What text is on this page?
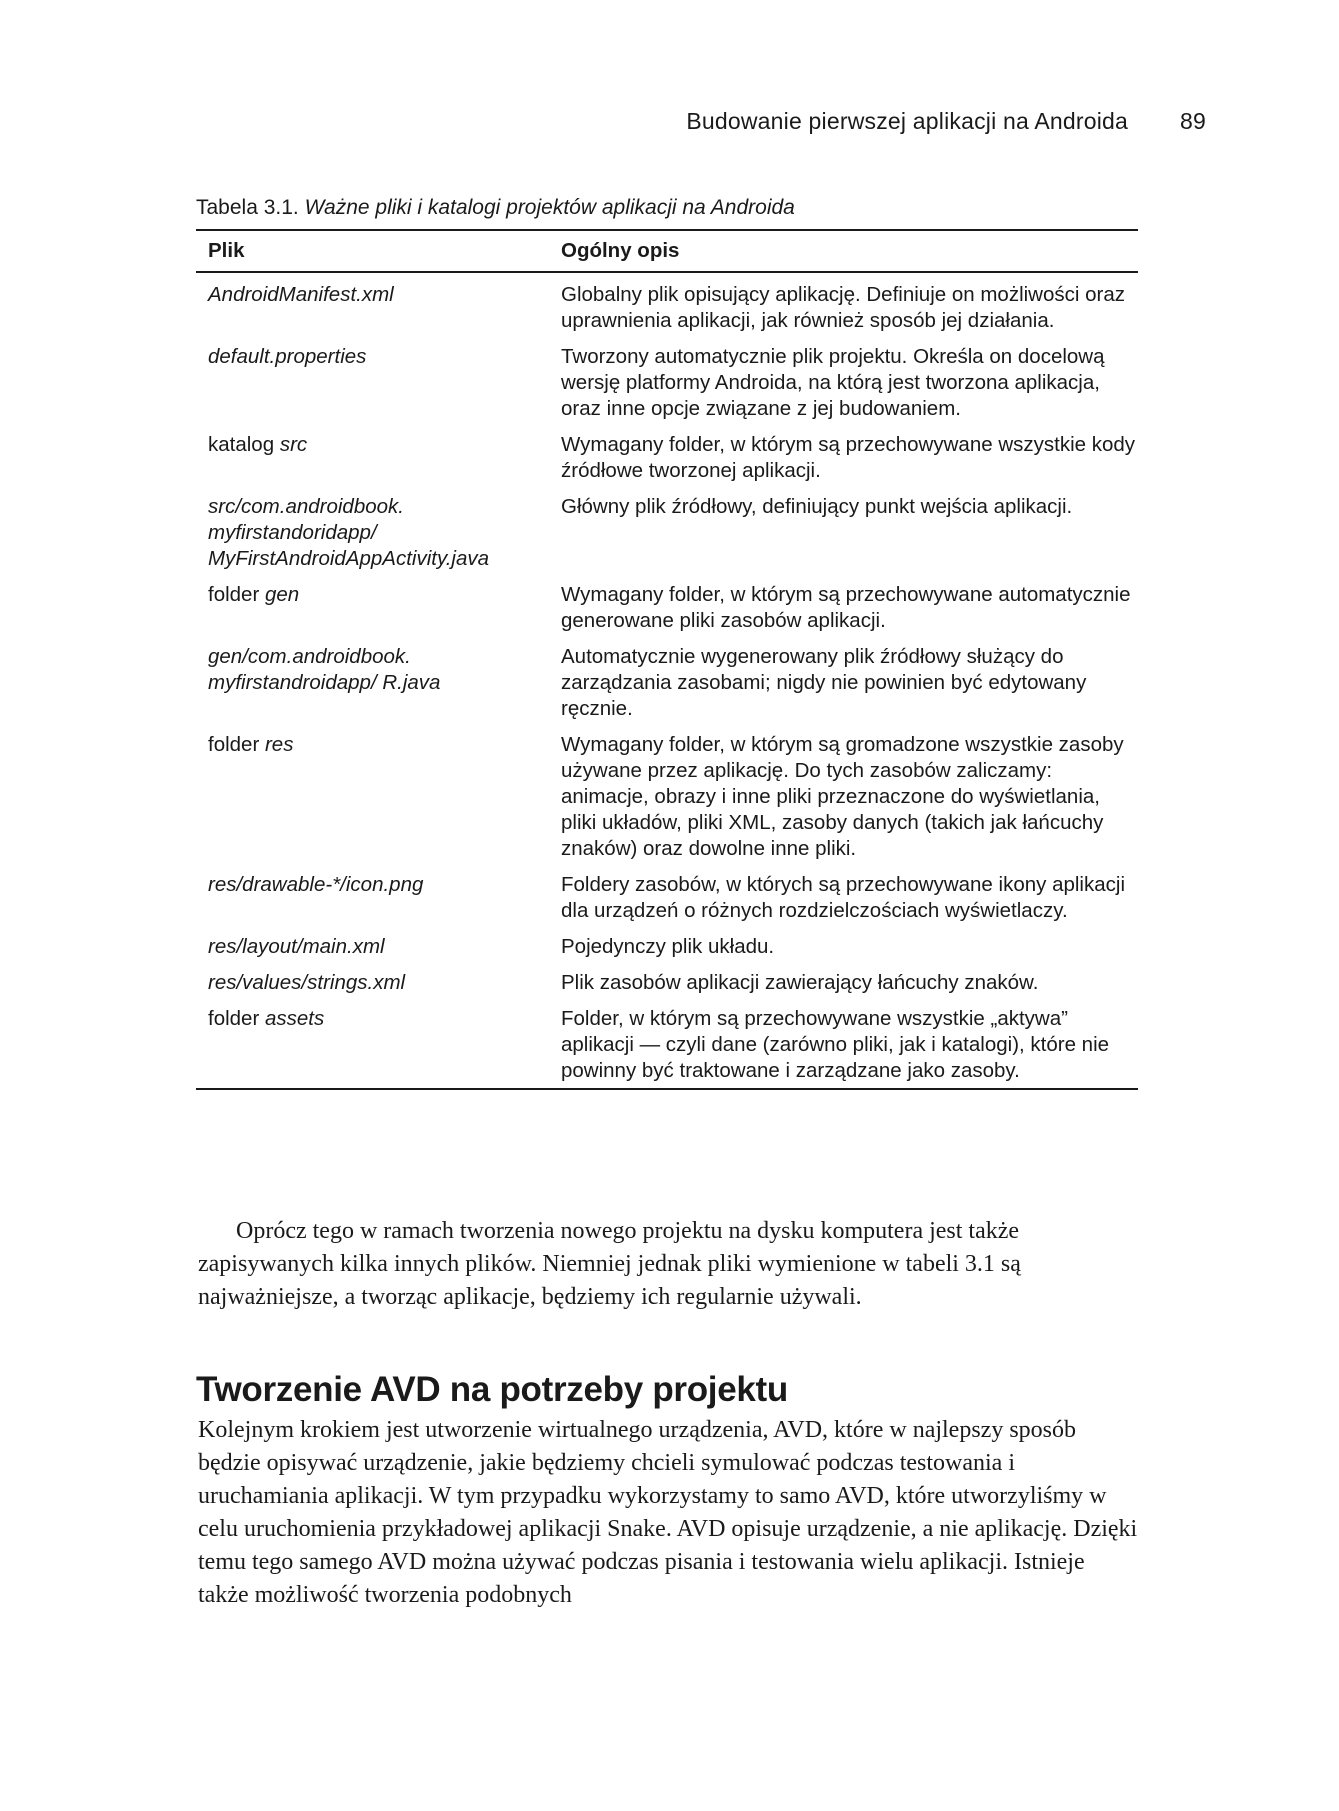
Budowanie pierwszej aplikacji na Androida 89
Tabela 3.1. Ważne pliki i katalogi projektów aplikacji na Androida
Plik	Ogólny opis
AndroidManifest.xml	Globalny plik opisujący aplikację. Definiuje on możliwości oraz uprawnienia aplikacji, jak również sposób jej działania.
default.properties	Tworzony automatycznie plik projektu. Określa on docelową wersję platformy Androida, na którą jest tworzona aplikacja, oraz inne opcje związane z jej budowaniem.
katalog src	Wymagany folder, w którym są przechowywane wszystkie kody źródłowe tworzonej aplikacji.
src/com.androidbook. myfirstandoridapp/ MyFirstAndroidAppActivity.java	Główny plik źródłowy, definiujący punkt wejścia aplikacji.
folder gen	Wymagany folder, w którym są przechowywane automatycznie generowane pliki zasobów aplikacji.
gen/com.androidbook. myfirstandroidapp/ R.java	Automatycznie wygenerowany plik źródłowy służący do zarządzania zasobami; nigdy nie powinien być edytowany ręcznie.
folder res	Wymagany folder, w którym są gromadzone wszystkie zasoby używane przez aplikację. Do tych zasobów zaliczamy: animacje, obrazy i inne pliki przeznaczone do wyświetlania, pliki układów, pliki XML, zasoby danych (takich jak łańcuchy znaków) oraz dowolne inne pliki.
res/drawable-*/icon.png	Foldery zasobów, w których są przechowywane ikony aplikacji dla urządzeń o różnych rozdzielczościach wyświetlaczy.
res/layout/main.xml	Pojedynczy plik układu.
res/values/strings.xml	Plik zasobów aplikacji zawierający łańcuchy znaków.
folder assets	Folder, w którym są przechowywane wszystkie „aktywa” aplikacji — czyli dane (zarówno pliki, jak i katalogi), które nie powinny być traktowane i zarządzane jako zasoby.

Oprócz tego w ramach tworzenia nowego projektu na dysku komputera jest także zapisywanych kilka innych plików. Niemniej jednak pliki wymienione w tabeli 3.1 są najważniejsze, a tworząc aplikacje, będziemy ich regularnie używali.

Tworzenie AVD na potrzeby projektu

Kolejnym krokiem jest utworzenie wirtualnego urządzenia, AVD, które w najlepszy sposób będzie opisywać urządzenie, jakie będziemy chcieli symulować podczas testowania i uruchamiania aplikacji. W tym przypadku wykorzystamy to samo AVD, które utworzyliśmy w celu uruchomienia przykładowej aplikacji Snake. AVD opisuje urządzenie, a nie aplikację. Dzięki temu tego samego AVD można używać podczas pisania i testowania wielu aplikacji. Istnieje także możliwość tworzenia podobnych
